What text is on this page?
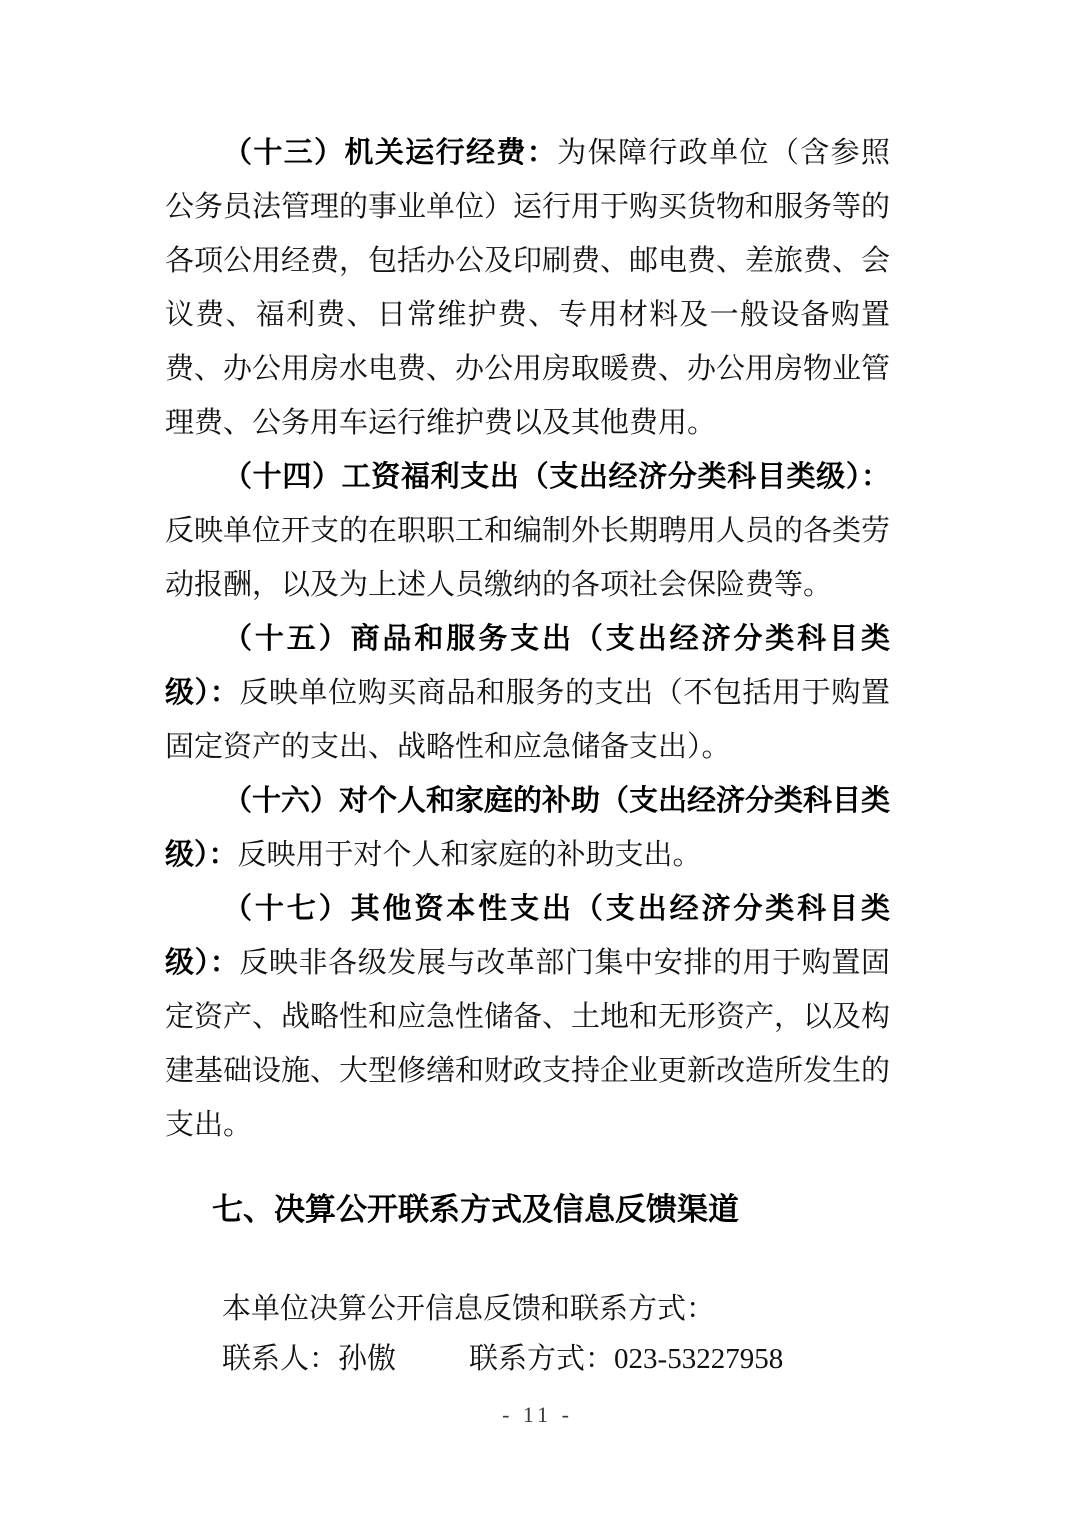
（十三）机关运行经费：为保障行政单位（含参照公务员法管理的事业单位）运行用于购买货物和服务等的各项公用经费，包括办公及印刷费、邮电费、差旅费、会议费、福利费、日常维护费、专用材料及一般设备购置费、办公用房水电费、办公用房取暖费、办公用房物业管理费、公务用车运行维护费以及其他费用。

（十四）工资福利支出（支出经济分类科目类级）：反映单位开支的在职职工和编制外长期聘用人员的各类劳动报酬，以及为上述人员缴纳的各项社会保险费等。

（十五）商品和服务支出（支出经济分类科目类级）：反映单位购买商品和服务的支出（不包括用于购置固定资产的支出、战略性和应急储备支出）。

（十六）对个人和家庭的补助（支出经济分类科目类级）：反映用于对个人和家庭的补助支出。

（十七）其他资本性支出（支出经济分类科目类级）：反映非各级发展与改革部门集中安排的用于购置固定资产、战略性和应急性储备、土地和无形资产，以及构建基础设施、大型修缮和财政支持企业更新改造所发生的支出。

七、决算公开联系方式及信息反馈渠道

本单位决算公开信息反馈和联系方式：

联系人：孙傲	联系方式：023-53227958

- 11 -
